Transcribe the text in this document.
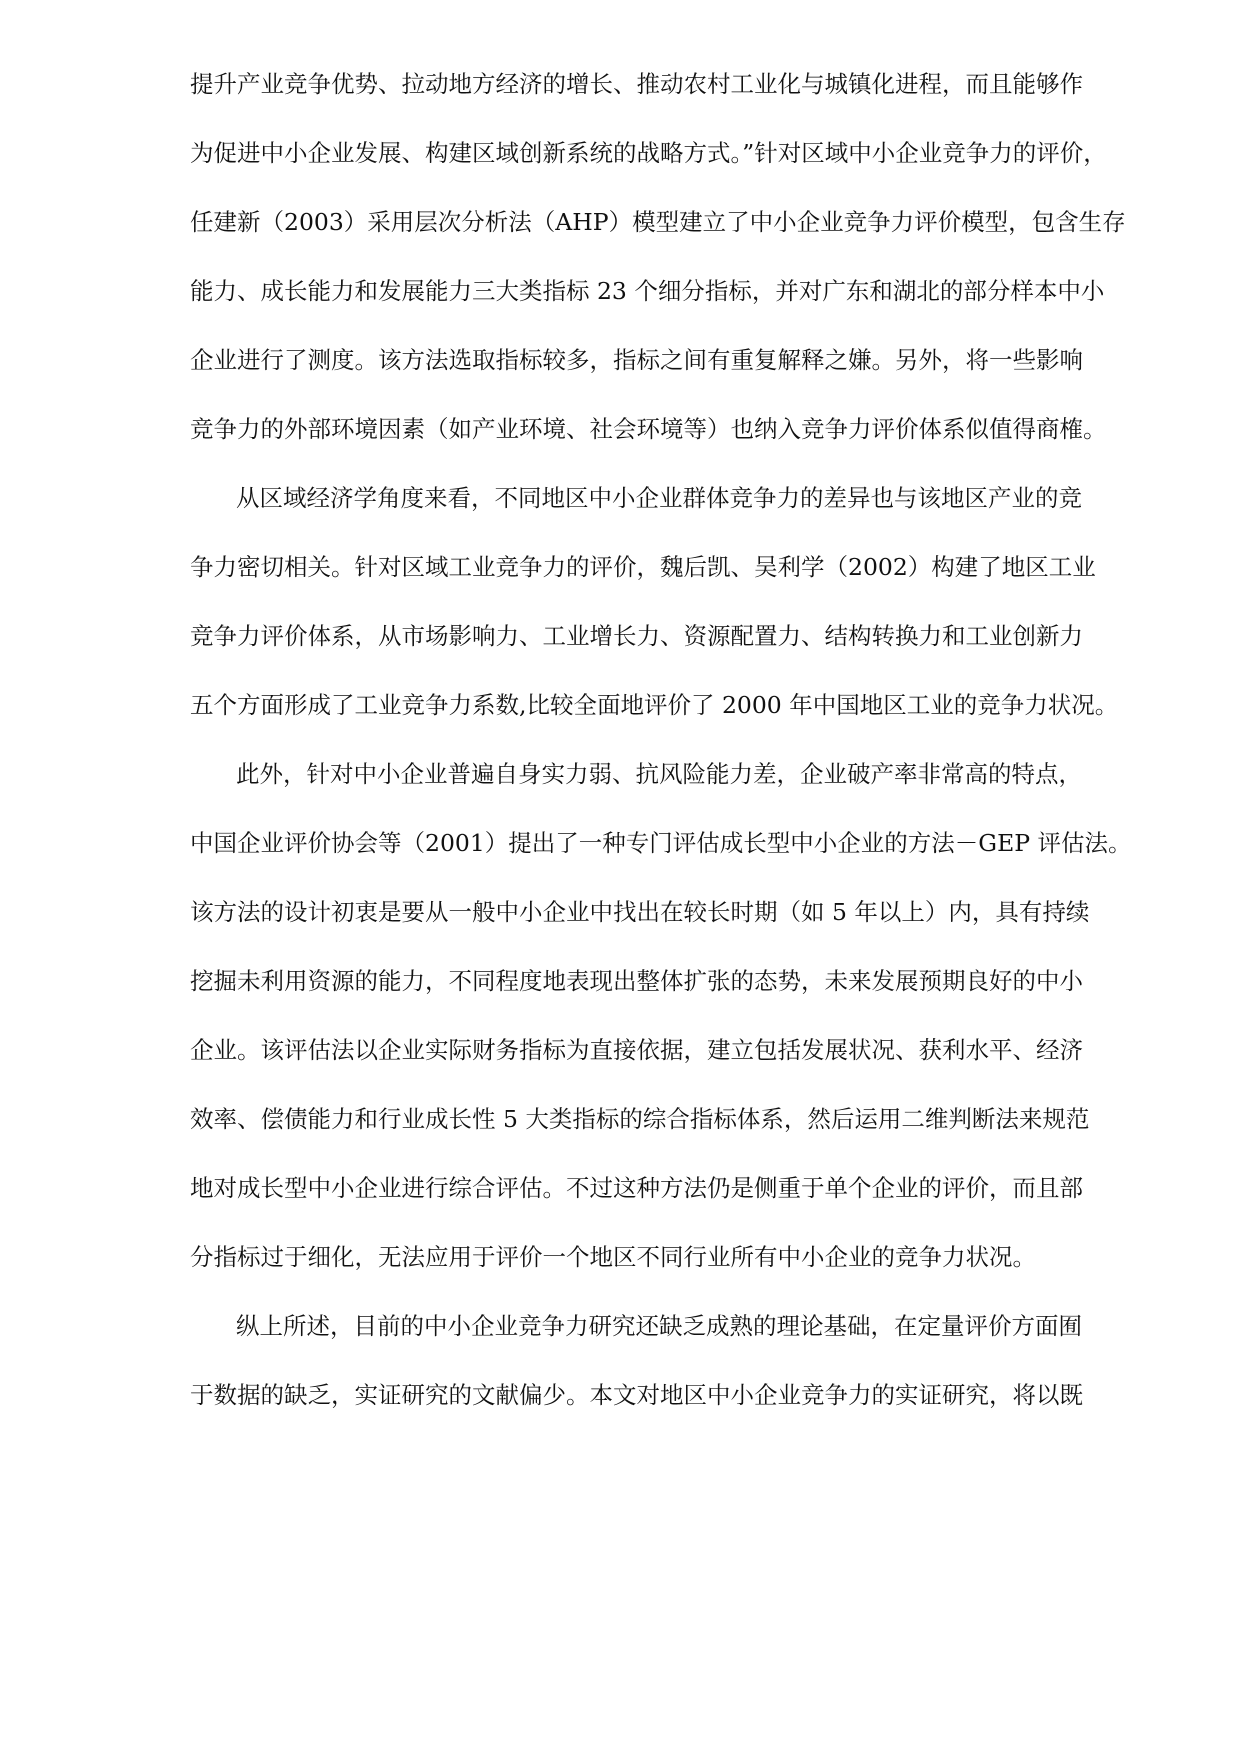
提升产业竞争优势、拉动地方经济的增长、推动农村工业化与城镇化进程，而且能够作
为促进中小企业发展、构建区域创新系统的战略方式。”针对区域中小企业竞争力的评价，
任建新（2003）采用层次分析法（AHP）模型建立了中小企业竞争力评价模型，包含生存
能力、成长能力和发展能力三大类指标 23 个细分指标，并对广东和湖北的部分样本中小
企业进行了测度。该方法选取指标较多，指标之间有重复解释之嫌。另外，将一些影响
竞争力的外部环境因素（如产业环境、社会环境等）也纳入竞争力评价体系似值得商榷。
从区域经济学角度来看，不同地区中小企业群体竞争力的差异也与该地区产业的竞
争力密切相关。针对区域工业竞争力的评价，魏后凯、吴利学（2002）构建了地区工业
竞争力评价体系，从市场影响力、工业增长力、资源配置力、结构转换力和工业创新力
五个方面形成了工业竞争力系数,比较全面地评价了 2000 年中国地区工业的竞争力状况。
此外，针对中小企业普遍自身实力弱、抗风险能力差，企业破产率非常高的特点，
中国企业评价协会等（2001）提出了一种专门评估成长型中小企业的方法－GEP 评估法。
该方法的设计初衷是要从一般中小企业中找出在较长时期（如 5 年以上）内，具有持续
挖掘未利用资源的能力，不同程度地表现出整体扩张的态势，未来发展预期良好的中小
企业。该评估法以企业实际财务指标为直接依据，建立包括发展状况、获利水平、经济
效率、偿债能力和行业成长性 5 大类指标的综合指标体系，然后运用二维判断法来规范
地对成长型中小企业进行综合评估。不过这种方法仍是侧重于单个企业的评价，而且部
分指标过于细化，无法应用于评价一个地区不同行业所有中小企业的竞争力状况。
纵上所述，目前的中小企业竞争力研究还缺乏成熟的理论基础，在定量评价方面囿
于数据的缺乏，实证研究的文献偏少。本文对地区中小企业竞争力的实证研究，将以既
